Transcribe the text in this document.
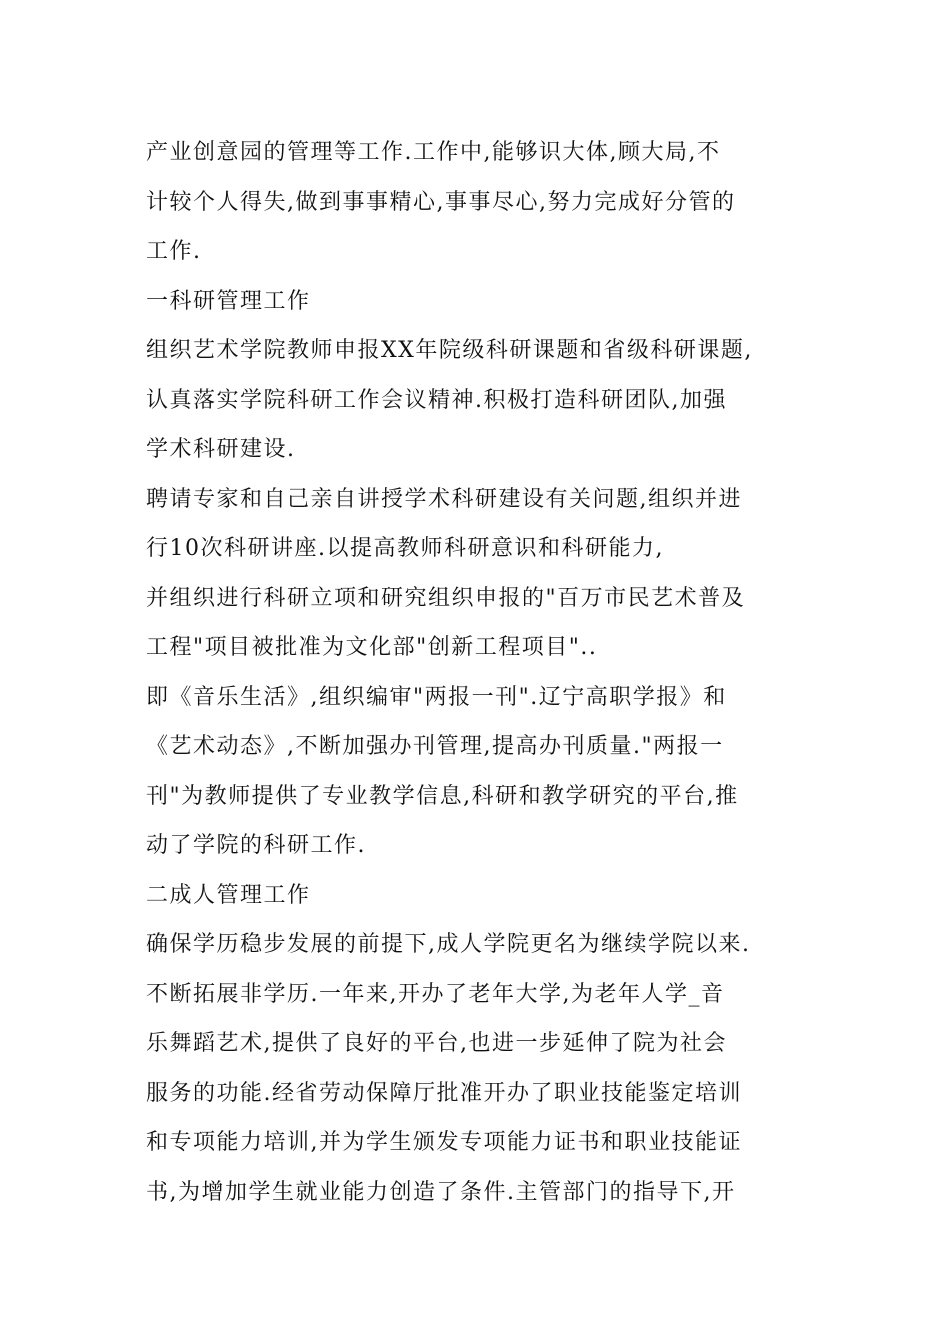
产业创意园的管理等工作.工作中,能够识大体,顾大局,不
计较个人得失,做到事事精心,事事尽心,努力完成好分管的
工作.
一科研管理工作
组织艺术学院教师申报XX年院级科研课题和省级科研课题,
认真落实学院科研工作会议精神.积极打造科研团队,加强
学术科研建设.
聘请专家和自己亲自讲授学术科研建设有关问题,组织并进
行10次科研讲座.以提高教师科研意识和科研能力,
并组织进行科研立项和研究组织申报的"百万市民艺术普及
工程"项目被批准为文化部"创新工程项目"..
即《音乐生活》,组织编审"两报一刊".辽宁高职学报》和
《艺术动态》,不断加强办刊管理,提高办刊质量."两报一
刊"为教师提供了专业教学信息,科研和教学研究的平台,推
动了学院的科研工作.
二成人管理工作
确保学历稳步发展的前提下,成人学院更名为继续学院以来.
不断拓展非学历.一年来,开办了老年大学,为老年人学_音
乐舞蹈艺术,提供了良好的平台,也进一步延伸了院为社会
服务的功能.经省劳动保障厅批准开办了职业技能鉴定培训
和专项能力培训,并为学生颁发专项能力证书和职业技能证
书,为增加学生就业能力创造了条件.主管部门的指导下,开
